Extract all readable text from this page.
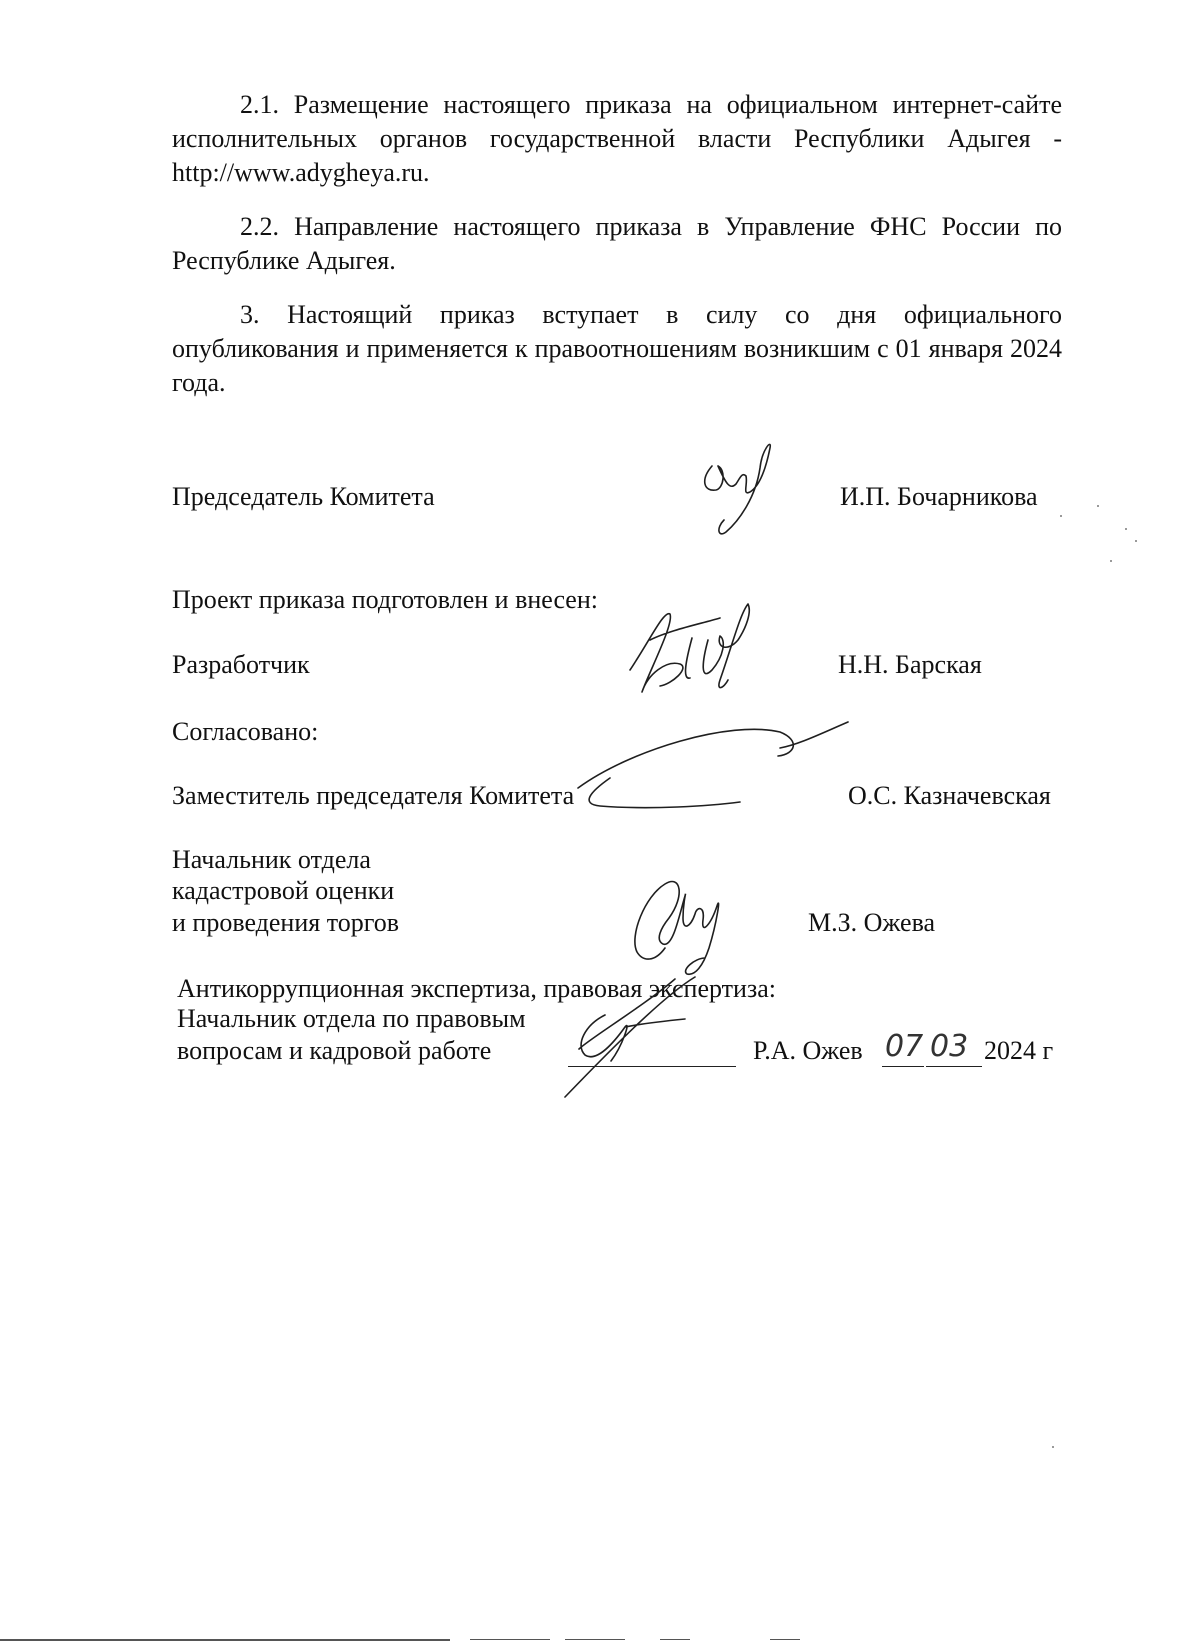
2.1. Размещение настоящего приказа на официальном интернет-сайте исполнительных органов государственной власти Республики Адыгея - http://www.adygheya.ru.
2.2. Направление настоящего приказа в Управление ФНС России по Республике Адыгея.
3. Настоящий приказ вступает в силу со дня официального опубликования и применяется к правоотношениям возникшим с 01 января 2024 года.
Председатель Комитета	И.П. Бочарникова
Проект приказа подготовлен и внесен:
Разработчик	Н.Н. Барская
Согласовано:
Заместитель председателя Комитета	О.С. Казначевская
Начальник отдела
кадастровой оценки
и проведения торгов	М.З. Ожева
Антикоррупционная экспертиза, правовая экспертиза:
Начальник отдела по правовым
вопросам и кадровой работе	Р.А. Ожев 07 03 2024 г
